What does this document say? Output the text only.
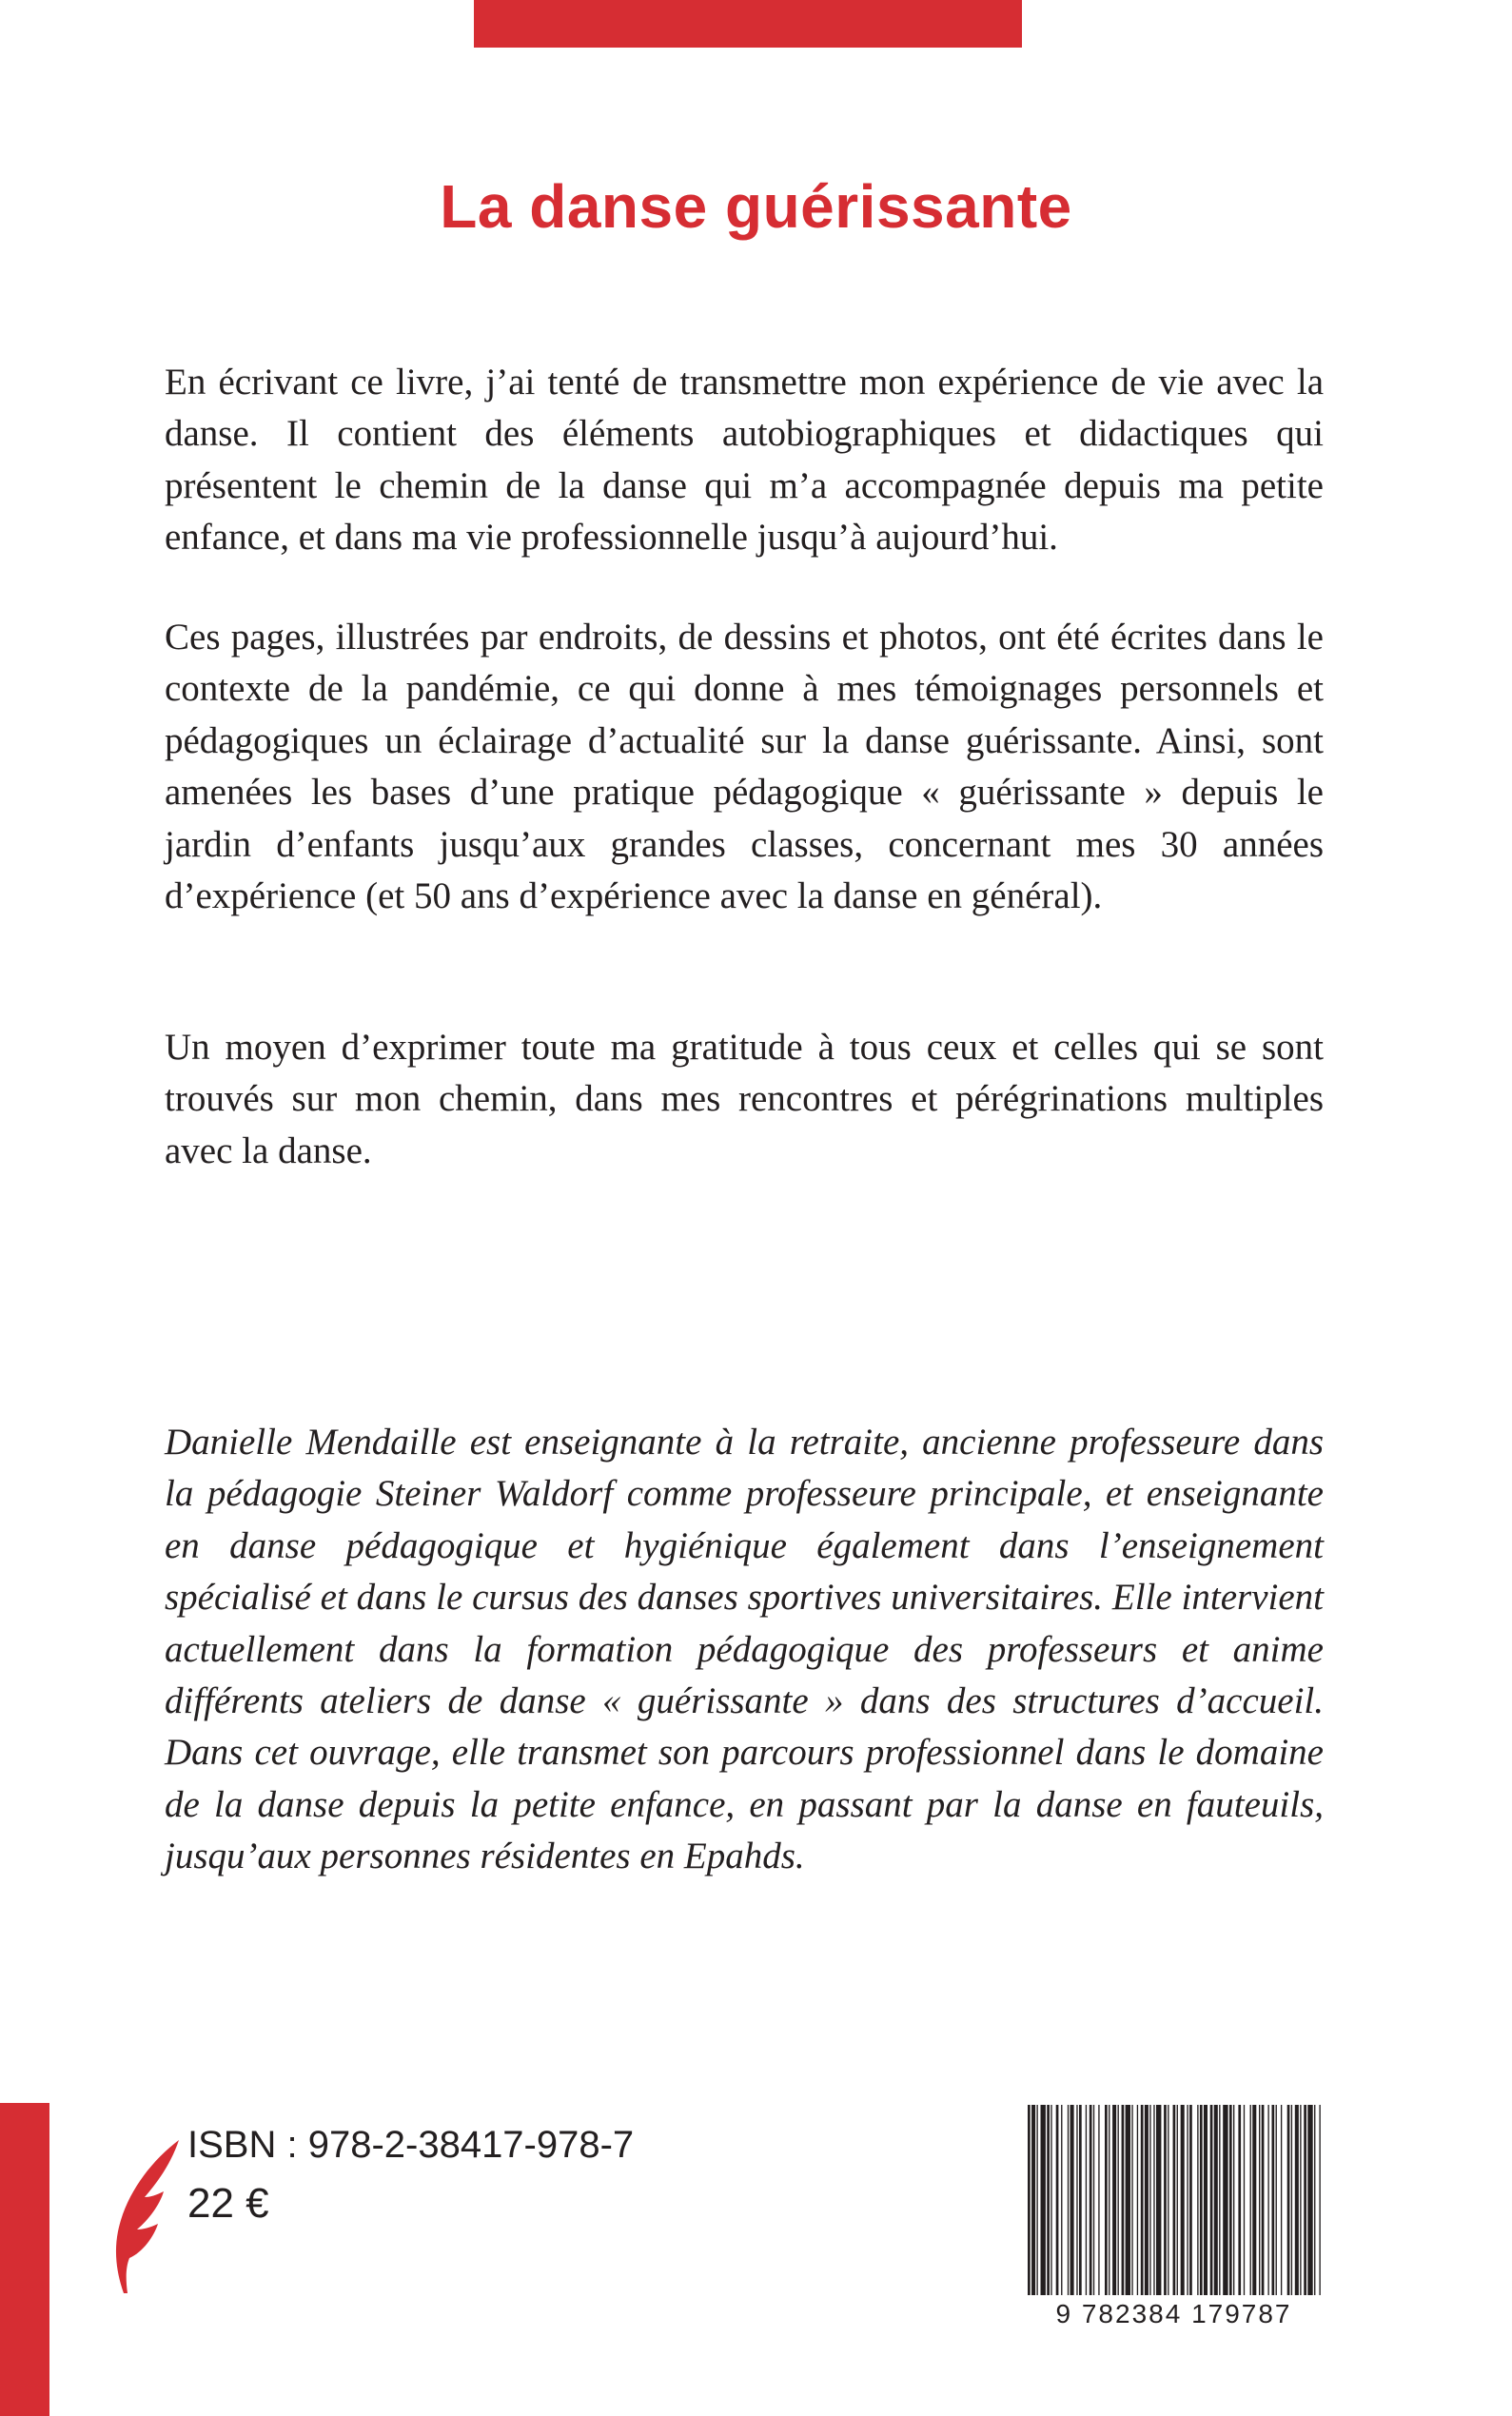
La danse guérissante

En écrivant ce livre, j’ai tenté de transmettre mon expérience de vie avec la danse. Il contient des éléments autobiographiques et didactiques qui présentent le chemin de la danse qui m’a accompagnée depuis ma petite enfance, et dans ma vie professionnelle jusqu’à aujourd’hui.

Ces pages, illustrées par endroits, de dessins et photos, ont été écrites dans le contexte de la pandémie, ce qui donne à mes témoignages personnels et pédagogiques un éclairage d’actualité sur la danse guérissante. Ainsi, sont amenées les bases d’une pratique pédagogique « guérissante » depuis le jardin d’enfants jusqu’aux grandes classes, concernant mes 30 années d’expérience (et 50 ans d’expérience avec la danse en général).

Un moyen d’exprimer toute ma gratitude à tous ceux et celles qui se sont trouvés sur mon chemin, dans mes rencontres et pérégrinations multiples avec la danse.

Danielle Mendaille est enseignante à la retraite, ancienne professeure dans la pédagogie Steiner Waldorf comme professeure principale, et enseignante en danse pédagogique et hygiénique également dans l’enseignement spécialisé et dans le cursus des danses sportives universitaires. Elle intervient actuellement dans la formation pédagogique des professeurs et anime différents ateliers de danse « guérissante » dans des structures d’accueil. Dans cet ouvrage, elle transmet son parcours professionnel dans le domaine de la danse depuis la petite enfance, en passant par la danse en fauteuils, jusqu’aux personnes résidentes en Epahds.

ISBN : 978-2-38417-978-7
22 €
9 782384 179787
